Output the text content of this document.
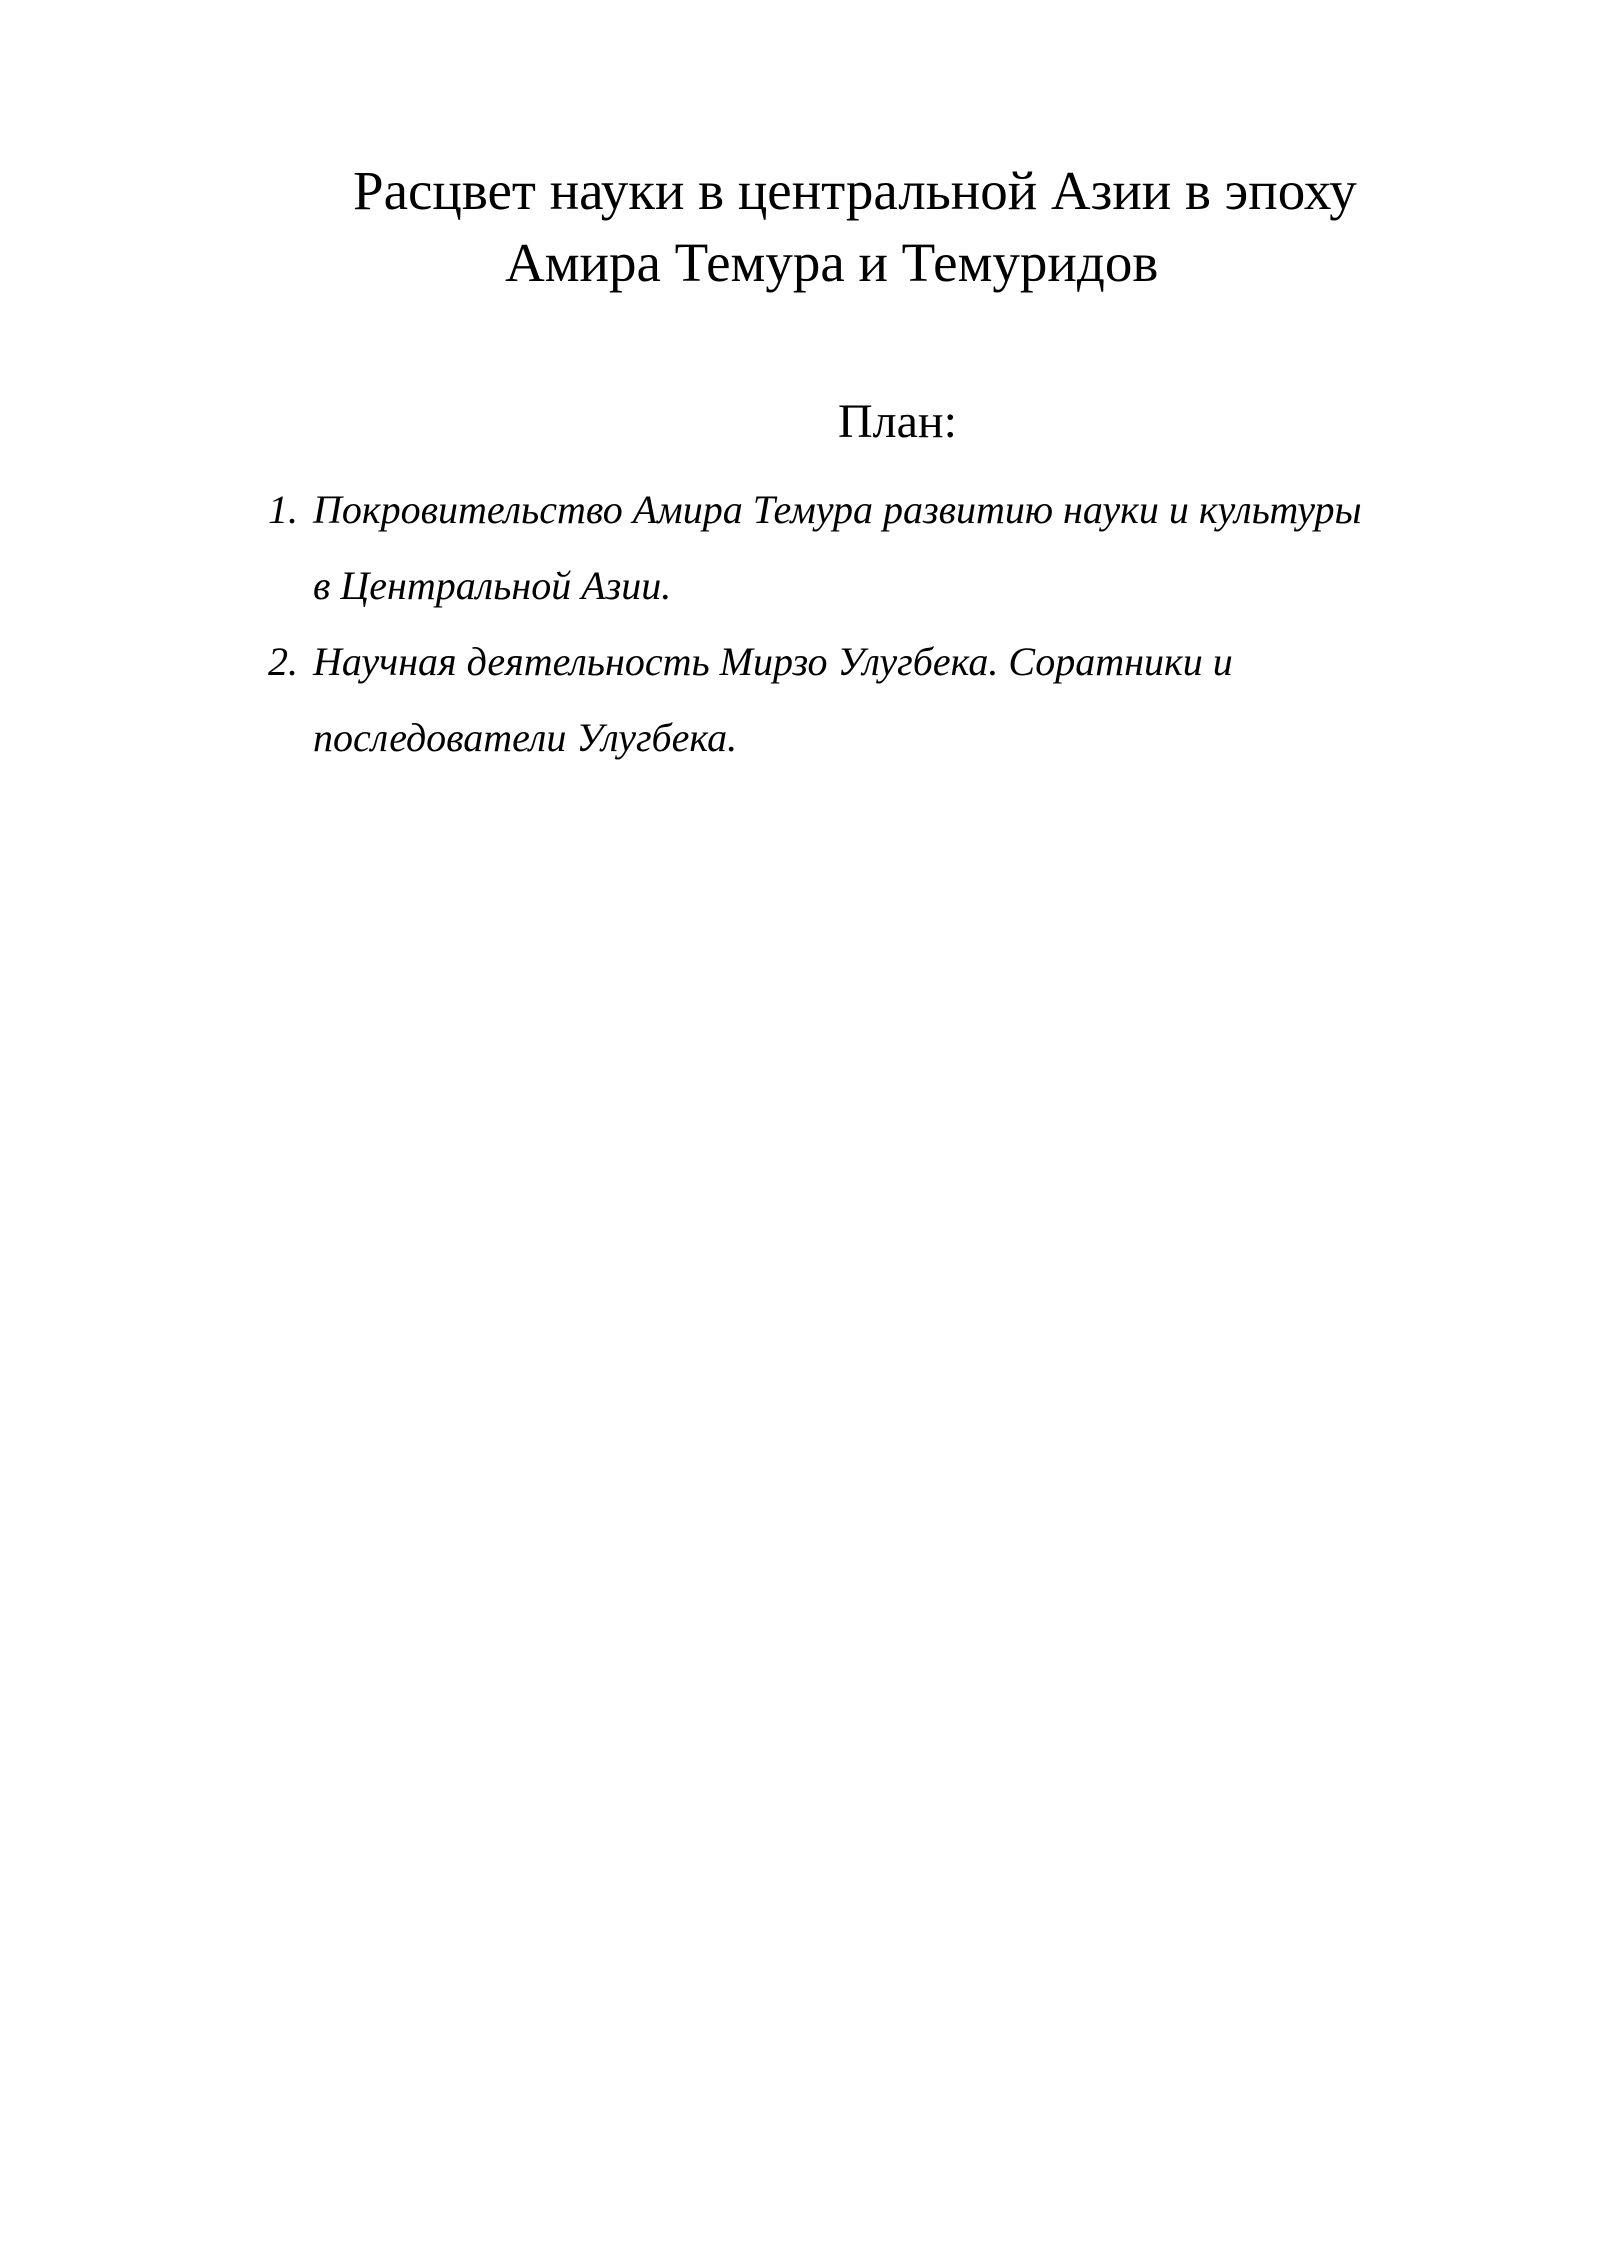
Расцвет науки в центральной Азии в эпоху
Амира Темура и Темуридов
План:
1. Покровительство Амира Темура развитию науки и культуры
в Центральной Азии.
2. Научная деятельность Мирзо Улугбека. Соратники и
последователи Улугбека.
